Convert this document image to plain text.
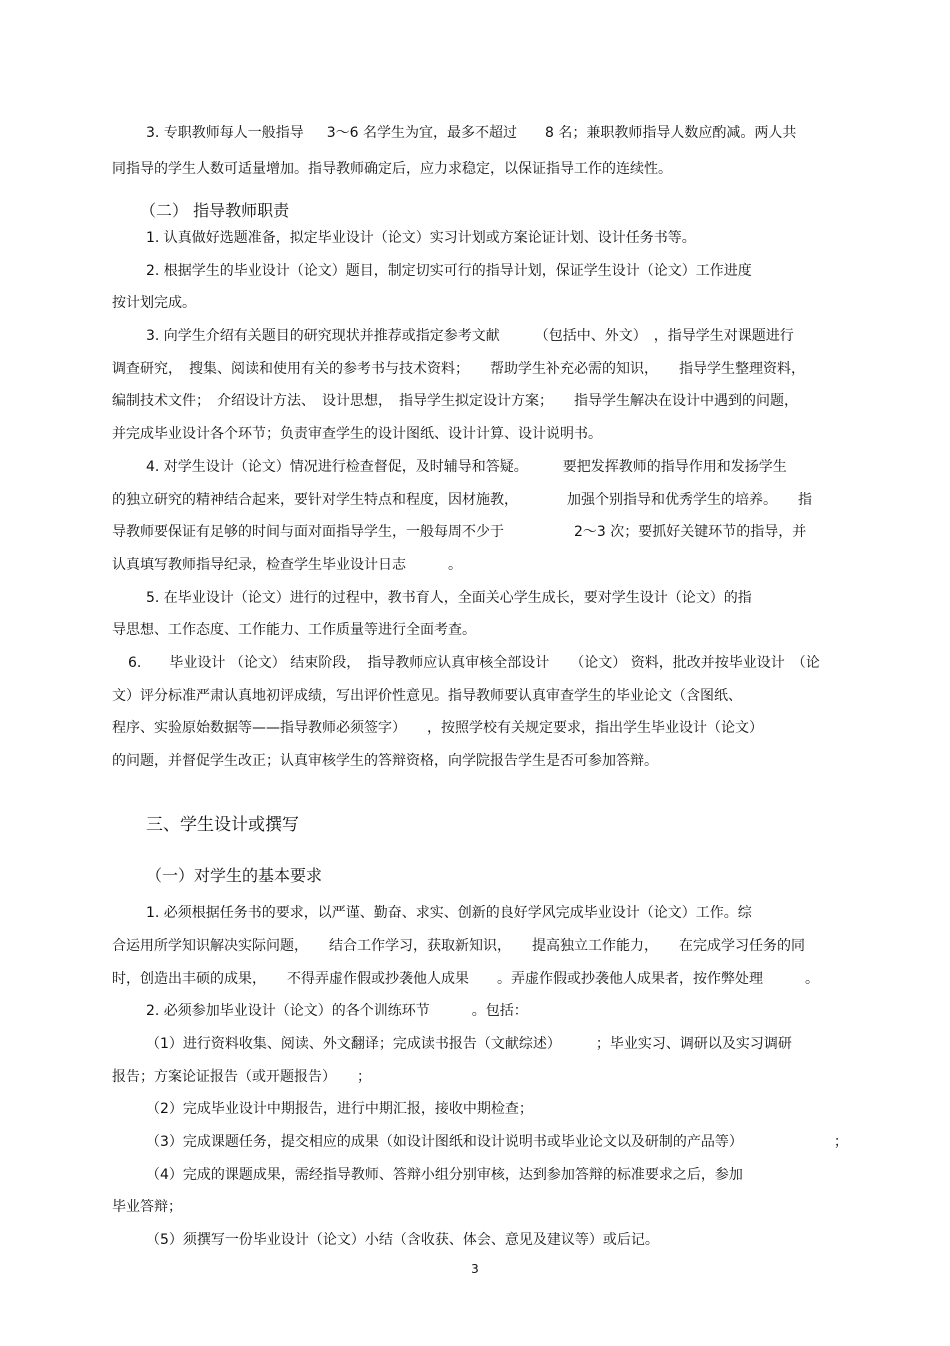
3. 专职教师每人一般指导　  3～6 名学生为宜，最多不超过　　8 名；兼职教师指导人数应酌减。两人共
同指导的学生人数可适量增加。指导教师确定后，应力求稳定，以保证指导工作的连续性。
（二） 指导教师职责
1. 认真做好选题准备，拟定毕业设计（论文）实习计划或方案论证计划、设计任务书等。
2. 根据学生的毕业设计（论文）题目，制定切实可行的指导计划，保证学生设计（论文）工作进度
按计划完成。
3. 向学生介绍有关题目的研究现状并推荐或指定参考文献　　　（包括中、外文）　，指导学生对课题进行
调查研究，　搜集、阅读和使用有关的参考书与技术资料；　　帮助学生补充必需的知识，　　指导学生整理资料，
编制技术文件；　介绍设计方法、　设计思想，　指导学生拟定设计方案；　　指导学生解决在设计中遇到的问题，
并完成毕业设计各个环节；负责审查学生的设计图纸、设计计算、设计说明书。
4. 对学生设计（论文）情况进行检查督促，及时辅导和答疑。　　　要把发挥教师的指导作用和发扬学生
的独立研究的精神结合起来，要针对学生特点和程度，因材施教，　　　　加强个别指导和优秀学生的培养。　　指
导教师要保证有足够的时间与面对面指导学生，一般每周不少于　　　　　2～3 次；要抓好关键环节的指导，并
认真填写教师指导纪录，检查学生毕业设计日志　　　。
5. 在毕业设计（论文）进行的过程中，教书育人，全面关心学生成长，要对学生设计（论文）的指
导思想、工作态度、工作能力、工作质量等进行全面考查。
6.　　毕业设计 （论文） 结束阶段，　指导教师应认真审核全部设计　　（论文） 资料，批改并按毕业设计　（论
文）评分标准严肃认真地初评成绩，写出评价性意见。指导教师要认真审查学生的毕业论文（含图纸、
程序、实验原始数据等——指导教师必须签字）　　，按照学校有关规定要求，指出学生毕业设计（论文）
的问题，并督促学生改正；认真审核学生的答辩资格，向学院报告学生是否可参加答辩。
三、学生设计或撰写
（一）对学生的基本要求
1. 必须根据任务书的要求，以严谨、勤奋、求实、创新的良好学风完成毕业设计（论文）工作。综
合运用所学知识解决实际问题，　　结合工作学习，获取新知识，　　提高独立工作能力，　　在完成学习任务的同
时，创造出丰硕的成果，　　不得弄虚作假或抄袭他人成果　　。弄虚作假或抄袭他人成果者，按作弊处理　　　。
2. 必须参加毕业设计（论文）的各个训练环节　　　。包括：
（1）进行资料收集、阅读、外文翻译；完成读书报告（文献综述）　　　；毕业实习、调研以及实习调研
报告；方案论证报告（或开题报告）　　；
（2）完成毕业设计中期报告，进行中期汇报，接收中期检查；
（3）完成课题任务，提交相应的成果（如设计图纸和设计说明书或毕业论文以及研制的产品等）　　　　　　　；
（4）完成的课题成果，需经指导教师、答辩小组分别审核，达到参加答辩的标准要求之后，参加
毕业答辩；
（5）须撰写一份毕业设计（论文）小结（含收获、体会、意见及建议等）或后记。
3
